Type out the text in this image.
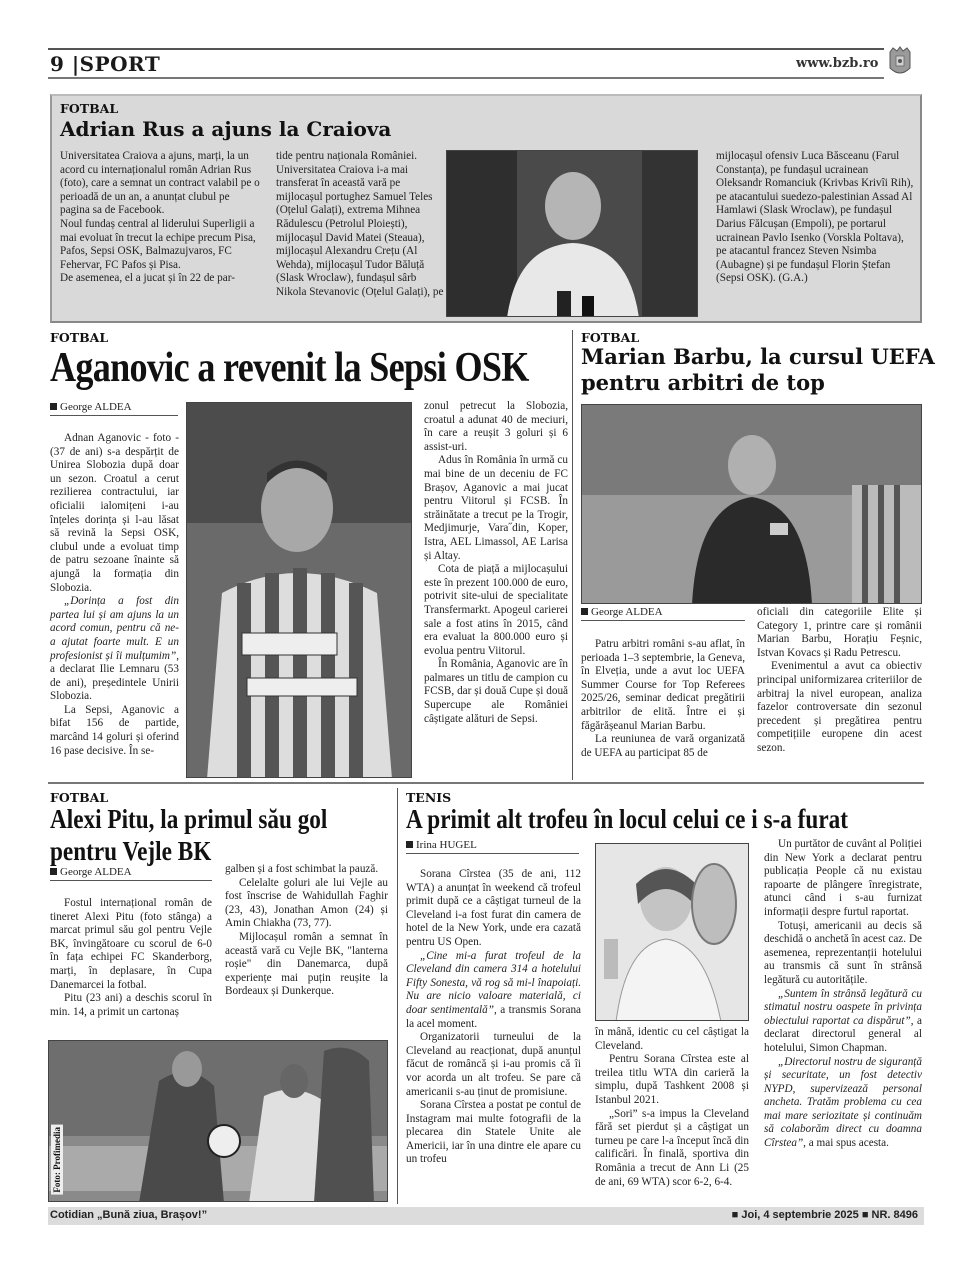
9 |SPORT	www.bzb.ro
FOTBAL
Adrian Rus a ajuns la Craiova

Universitatea Craiova a ajuns, marți, la un acord cu internaționalul român Adrian Rus (foto), care a semnat un contract valabil pe o perioadă de un an, a anunțat clubul pe pagina sa de Facebook.

Noul fundaș central al liderului Superligii a mai evoluat în trecut la echipe precum Pisa, Pafos, Sepsi OSK, Balmazujvaros, FC Fehervar, FC Pafos și Pisa.

De asemenea, el a jucat și în 22 de par-

tide pentru naționala României. Universitatea Craiova i-a mai transferat în această vară pe mijlocașul portughez Samuel Teles (Oțelul Galați), extrema Mihnea Rădulescu (Petrolul Ploiești), mijlocașul David Matei (Steaua), mijlocașul Alexandru Crețu (Al Wehda), mijlocașul Tudor Băluță (Slask Wroclaw), fundașul sârb Nikola Stevanovic (Oțelul Galați), pe

mijlocașul ofensiv Luca Băsceanu (Farul Constanța), pe fundașul ucrainean Oleksandr Romanciuk (Krivbas Krivîi Rih), pe atacantului suedezo-palestinian Assad Al Hamlawi (Slask Wroclaw), pe fundașul Darius Fălcușan (Empoli), pe portarul ucrainean Pavlo Isenko (Vorskla Poltava), pe atacantul francez Steven Nsimba (Aubagne) și pe fundașul Florin Ștefan (Sepsi OSK). (G.A.)

FOTBAL
Aganovic a revenit la Sepsi OSK
George ALDEA

Adnan Aganovic - foto - (37 de ani) s-a despărțit de Unirea Slobozia după doar un sezon. Croatul a cerut rezilierea contractului, iar oficialii ialomițeni i-au înțeles dorința și l-au lăsat să revină la Sepsi OSK, clubul unde a evoluat timp de patru sezoane înainte să ajungă la formația din Slobozia.

„Dorința a fost din partea lui și am ajuns la un acord comun, pentru că ne-a ajutat foarte mult. E un profesionist și îi mulțumim”, a declarat Ilie Lemnaru (53 de ani), președintele Unirii Slobozia.

La Sepsi, Aganovic a bifat 156 de partide, marcând 14 goluri și oferind 16 pase decisive. În se-

zonul petrecut la Slobozia, croatul a adunat 40 de meciuri, în care a reușit 3 goluri și 6 assist-uri.

Adus în România în urmă cu mai bine de un deceniu de FC Brașov, Aganovic a mai jucat pentru Viitorul și FCSB. În străinătate a trecut pe la Trogir, Medjimurje, Vara˝din, Koper, Istra, AEL Limassol, AE Larisa și Altay.

Cota de piață a mijlocașului este în prezent 100.000 de euro, potrivit site-ului de specialitate Transfermarkt. Apogeul carierei sale a fost atins în 2015, când era evaluat la 800.000 euro și evolua pentru Viitorul.

În România, Aganovic are în palmares un titlu de campion cu FCSB, dar și două Cupe și două Supercupe ale României câștigate alături de Sepsi.

FOTBAL
Marian Barbu, la cursul UEFA
pentru arbitri de top
George ALDEA

Patru arbitri români s-au aflat, în perioada 1–3 septembrie, la Geneva, în Elveția, unde a avut loc UEFA Summer Course for Top Referees 2025/26, seminar dedicat pregătirii arbitrilor de elită. Între ei și făgărășeanul Marian Barbu.

La reuniunea de vară organizată de UEFA au participat 85 de

oficiali din categoriile Elite și Category 1, printre care și românii Marian Barbu, Horațiu Feșnic, Istvan Kovacs și Radu Petrescu.

Evenimentul a avut ca obiectiv principal uniformizarea criteriilor de arbitraj la nivel european, analiza fazelor controversate din sezonul precedent și pregătirea pentru competițiile europene din acest sezon.

FOTBAL
Alexi Pitu, la primul său gol
pentru Vejle BK
George ALDEA

Fostul internațional român de tineret Alexi Pitu (foto stânga) a marcat primul său gol pentru Vejle BK, învingătoare cu scorul de 6-0 în fața echipei FC Skanderborg, marți, în deplasare, în Cupa Danemarcei la fotbal.

Pitu (23 ani) a deschis scorul în min. 14, a primit un cartonaș

galben și a fost schimbat la pauză.

Celelalte goluri ale lui Vejle au fost înscrise de Wahidullah Faghir (23, 43), Jonathan Amon (24) și Amin Chiakha (73, 77).

Mijlocașul român a semnat în această vară cu Vejle BK, "lanterna roșie" din Danemarca, după experiențe mai puțin reușite la Bordeaux și Dunkerque.

Foto: Profimedia
TENIS
A primit alt trofeu în locul celui ce i s-a furat
Irina HUGEL

Sorana Cîrstea (35 de ani, 112 WTA) a anunțat în weekend că trofeul primit după ce a câștigat turneul de la Cleveland i-a fost furat din camera de hotel de la New York, unde era cazată pentru US Open.

„Cine mi-a furat trofeul de la Cleveland din camera 314 a hotelului Fifty Sonesta, vă rog să mi-l înapoiați. Nu are nicio valoare materială, ci doar sentimentală”, a transmis Sorana la acel moment.

Organizatorii turneului de la Cleveland au reacționat, după anunțul făcut de româncă și i-au promis că îi vor acorda un alt trofeu. Se pare că americanii s-au ținut de promisiune.

Sorana Cîrstea a postat pe contul de Instagram mai multe fotografii de la plecarea din Statele Unite ale Americii, iar în una dintre ele apare cu un trofeu

în mână, identic cu cel câștigat la Cleveland.

Pentru Sorana Cîrstea este al treilea titlu WTA din carieră la simplu, după Tashkent 2008 și Istanbul 2021.

„Sori” s-a impus la Cleveland fără set pierdut și a câștigat un turneu pe care l-a început încă din calificări. În finală, sportiva din România a trecut de Ann Li (25 de ani, 69 WTA) scor 6-2, 6-4.

Un purtător de cuvânt al Poliției din New York a declarat pentru publicația People că nu existau rapoarte de plângere înregistrate, atunci când i s-au furnizat informații despre furtul raportat.

Totuși, americanii au decis să deschidă o anchetă în acest caz. De asemenea, reprezentanții hotelului au transmis că sunt în strânsă legătură cu autoritățile.

„Suntem în strânsă legătură cu stimatul nostru oaspete în privința obiectului raportat ca dispărut”, a declarat directorul general al hotelului, Simon Chapman.

„Directorul nostru de siguranță și securitate, un fost detectiv NYPD, supervizează personal ancheta. Tratăm problema cu cea mai mare seriozitate și continuăm să colaborăm direct cu doamna Cîrstea”, a mai spus acesta.

Cotidian „Bună ziua, Brașov!”	■ Joi, 4 septembrie 2025 ■ NR. 8496
